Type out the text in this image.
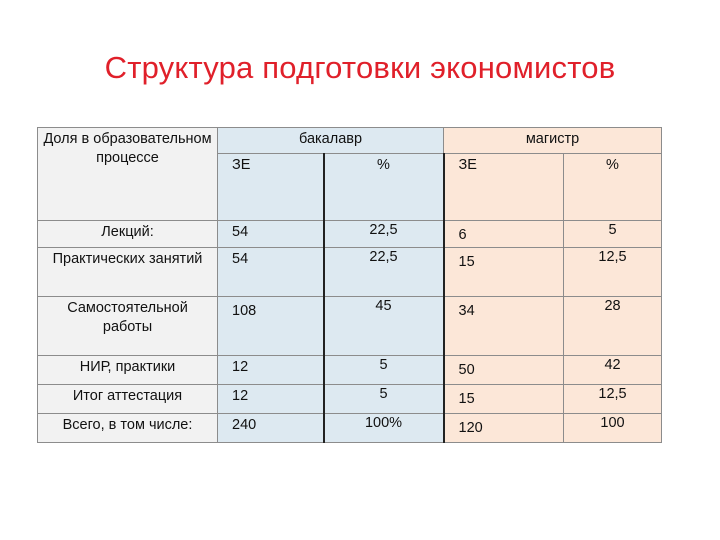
Структура подготовки экономистов
Доля в образовательном процессе	бакалавр		магистр	
	ЗЕ	%	ЗЕ	%
Лекций:	54	22,5	6	5
Практических занятий	54	22,5	15	12,5
Самостоятельной работы	108	45	34	28
НИР, практики	12	5	50	42
Итог аттестация	12	5	15	12,5
Всего, в том числе:	240	100%	120	100
